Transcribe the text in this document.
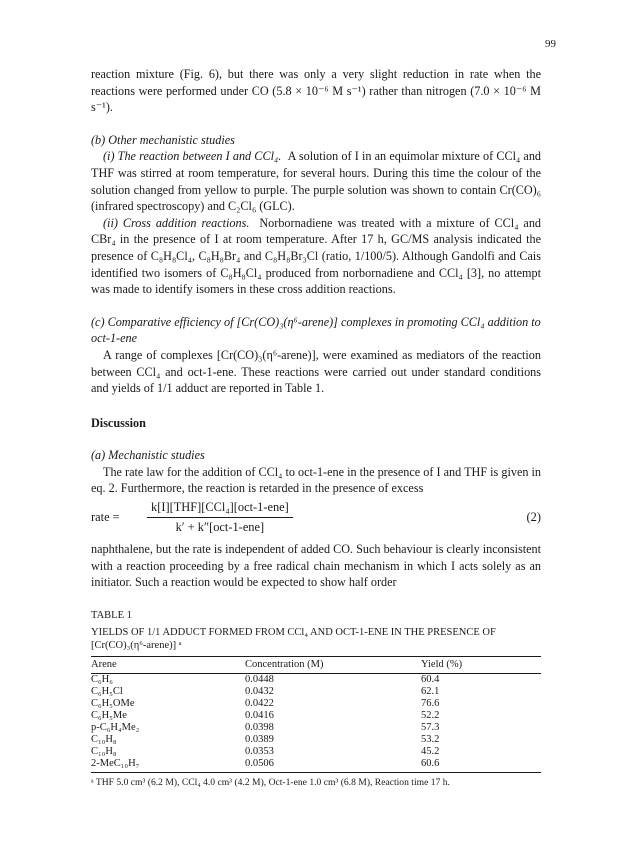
99

reaction mixture (Fig. 6), but there was only a very slight reduction in rate when the reactions were performed under CO (5.8 × 10⁻⁶ M s⁻¹) rather than nitrogen (7.0 × 10⁻⁶ M s⁻¹).

(b) Other mechanistic studies

(i) The reaction between I and CCl₄. A solution of I in an equimolar mixture of CCl₄ and THF was stirred at room temperature, for several hours. During this time the colour of the solution changed from yellow to purple. The purple solution was shown to contain Cr(CO)₆ (infrared spectroscopy) and C₂Cl₆ (GLC).

(ii) Cross addition reactions. Norbornadiene was treated with a mixture of CCl₄ and CBr₄ in the presence of I at room temperature. After 17 h, GC/MS analysis indicated the presence of C₈H₈Cl₄, C₈H₈Br₄ and C₈H₈Br₃Cl (ratio, 1/100/5). Although Gandolfi and Cais identified two isomers of C₈H₈Cl₄ produced from norbornadiene and CCl₄ [3], no attempt was made to identify isomers in these cross addition reactions.

(c) Comparative efficiency of [Cr(CO)₃(η⁶-arene)] complexes in promoting CCl₄ addition to oct-1-ene

A range of complexes [Cr(CO)₃(η⁶-arene)], were examined as mediators of the reaction between CCl₄ and oct-1-ene. These reactions were carried out under standard conditions and yields of 1/1 adduct are reported in Table 1.

Discussion
(a) Mechanistic studies

The rate law for the addition of CCl₄ to oct-1-ene in the presence of I and THF is given in eq. 2. Furthermore, the reaction is retarded in the presence of excess

rate =	$\frac{\text{k[I][THF][CCl₄][oct-1-ene]}}{\text{k′ + k″[oct-1-ene]}}$	(2)

naphthalene, but the rate is independent of added CO. Such behaviour is clearly inconsistent with a reaction proceeding by a free radical chain mechanism in which I acts solely as an initiator. Such a reaction would be expected to show half order

TABLE 1
YIELDS OF 1/1 ADDUCT FORMED FROM CCl₄ AND OCT-1-ENE IN THE PRESENCE OF [Cr(CO)₃(η⁶-arene)] ᵃ
Arene	Concentration (M)	Yield (%)
C₆H₆	0.0448	60.4
C₆H₅Cl	0.0432	62.1
C₆H₅OMe	0.0422	76.6
C₆H₅Me	0.0416	52.2
p-C₆H₄Me₂	0.0398	57.3
C₁₀H₈	0.0389	53.2
C₁₀H₈	0.0353	45.2
2-MeC₁₀H₇	0.0506	60.6
ᵃ THF 5.0 cm³ (6.2 M), CCl₄ 4.0 cm³ (4.2 M), Oct-1-ene 1.0 cm³ (6.8 M), Reaction time 17 h.
